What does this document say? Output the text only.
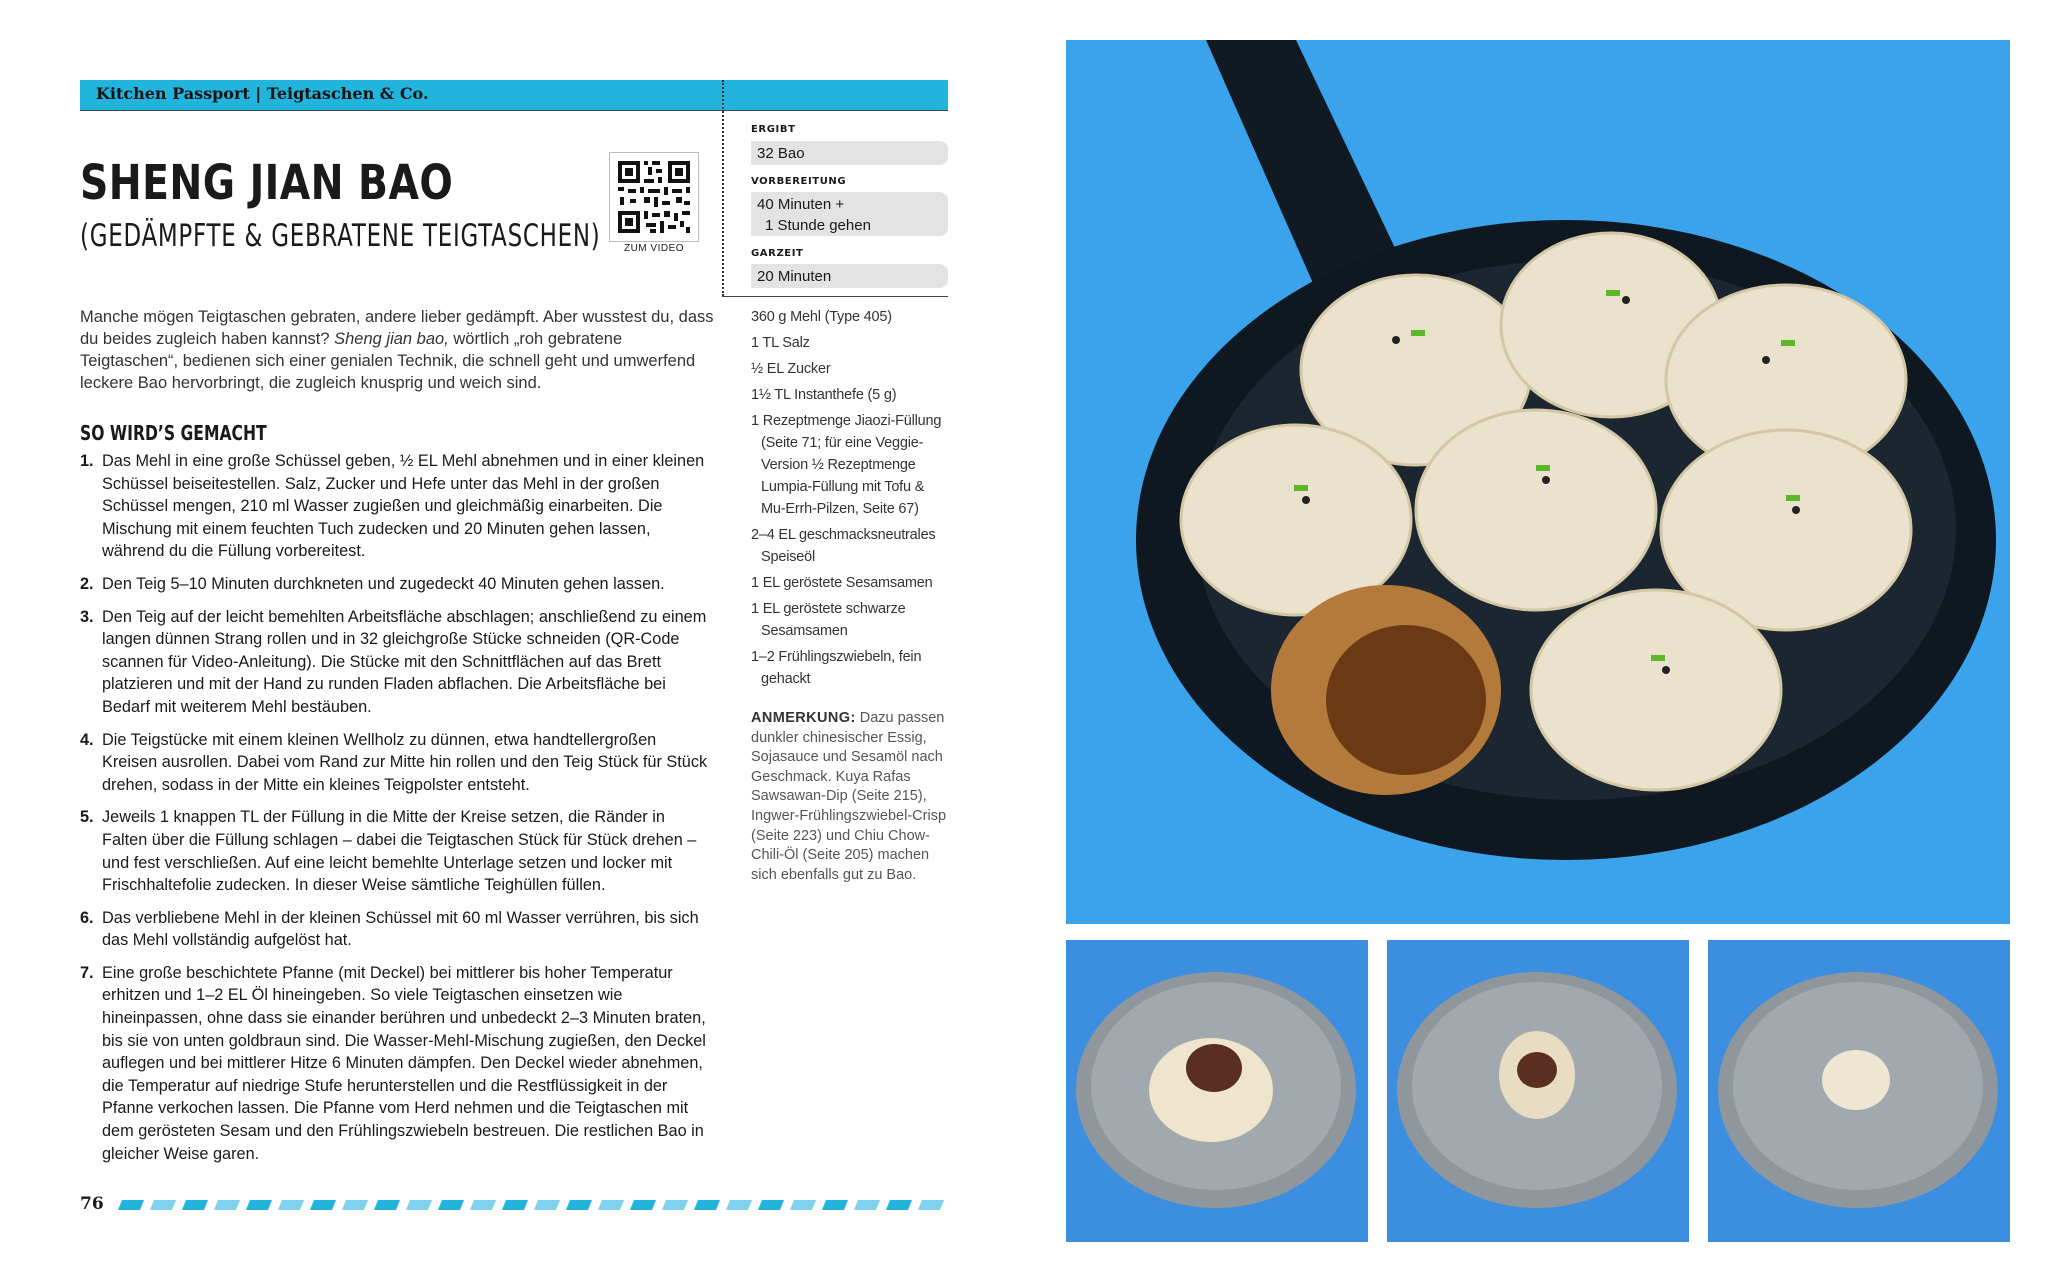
Kitchen Passport | Teigtaschen & Co.
SHENG JIAN BAO
(GEDÄMPFTE & GEBRATENE TEIGTASCHEN)	ZUM VIDEO
ERGIBT
32 Bao
VORBEREITUNG
40 Minuten +
1 Stunde gehen
GARZEIT
20 Minuten
Manche mögen Teigtaschen gebraten, andere lieber gedämpft. Aber wusstest du, dass du beides zugleich haben kannst? Sheng jian bao, wörtlich „roh gebratene Teigtaschen“, bedienen sich einer genialen Technik, die schnell geht und umwerfend leckere Bao hervorbringt, die zugleich knusprig und weich sind.
SO WIRD’S GEMACHT
1. Das Mehl in eine große Schüssel geben, ½ EL Mehl abnehmen und in einer kleinen Schüssel beiseitestellen. Salz, Zucker und Hefe unter das Mehl in der großen Schüssel mengen, 210 ml Wasser zugießen und gleichmäßig einarbeiten. Die Mischung mit einem feuchten Tuch zudecken und 20 Minuten gehen lassen, während du die Füllung vorbereitest.
2. Den Teig 5–10 Minuten durchkneten und zugedeckt 40 Minuten gehen lassen.
3. Den Teig auf der leicht bemehlten Arbeitsfläche abschlagen; anschließend zu einem langen dünnen Strang rollen und in 32 gleichgroße Stücke schneiden (QR-Code scannen für Video-Anleitung). Die Stücke mit den Schnittflächen auf das Brett platzieren und mit der Hand zu runden Fladen abflachen. Die Arbeitsfläche bei Bedarf mit weiterem Mehl bestäuben.
4. Die Teigstücke mit einem kleinen Wellholz zu dünnen, etwa handtellergroßen Kreisen ausrollen. Dabei vom Rand zur Mitte hin rollen und den Teig Stück für Stück drehen, sodass in der Mitte ein kleines Teigpolster entsteht.
5. Jeweils 1 knappen TL der Füllung in die Mitte der Kreise setzen, die Ränder in Falten über die Füllung schlagen – dabei die Teigtaschen Stück für Stück drehen – und fest verschließen. Auf eine leicht bemehlte Unterlage setzen und locker mit Frischhaltefolie zudecken. In dieser Weise sämtliche Teighüllen füllen.
6. Das verbliebene Mehl in der kleinen Schüssel mit 60 ml Wasser verrühren, bis sich das Mehl vollständig aufgelöst hat.
7. Eine große beschichtete Pfanne (mit Deckel) bei mittlerer bis hoher Temperatur erhitzen und 1–2 EL Öl hineingeben. So viele Teigtaschen einsetzen wie hineinpassen, ohne dass sie einander berühren und unbedeckt 2–3 Minuten braten, bis sie von unten goldbraun sind. Die Wasser-Mehl-Mischung zugießen, den Deckel auflegen und bei mittlerer Hitze 6 Minuten dämpfen. Den Deckel wieder abnehmen, die Temperatur auf niedrige Stufe herunterstellen und die Restflüssigkeit in der Pfanne verkochen lassen. Die Pfanne vom Herd nehmen und die Teigtaschen mit dem gerösteten Sesam und den Frühlingszwiebeln bestreuen. Die restlichen Bao in gleicher Weise garen.
360 g Mehl (Type 405)
1 TL Salz
½ EL Zucker
1½ TL Instanthefe (5 g)
1 Rezeptmenge Jiaozi-Füllung (Seite 71; für eine Veggie-Version ½ Rezeptmenge Lumpia-Füllung mit Tofu & Mu-Errh-Pilzen, Seite 67)
2–4 EL geschmacksneutrales Speiseöl
1 EL geröstete Sesamsamen
1 EL geröstete schwarze Sesamsamen
1–2 Frühlingszwiebeln, fein gehackt
ANMERKUNG: Dazu passen dunkler chinesischer Essig, Sojasauce und Sesamöl nach Geschmack. Kuya Rafas Sawsawan-Dip (Seite 215), Ingwer-Frühlingszwiebel-Crisp (Seite 223) und Chiu Chow-Chili-Öl (Seite 205) machen sich ebenfalls gut zu Bao.
76
